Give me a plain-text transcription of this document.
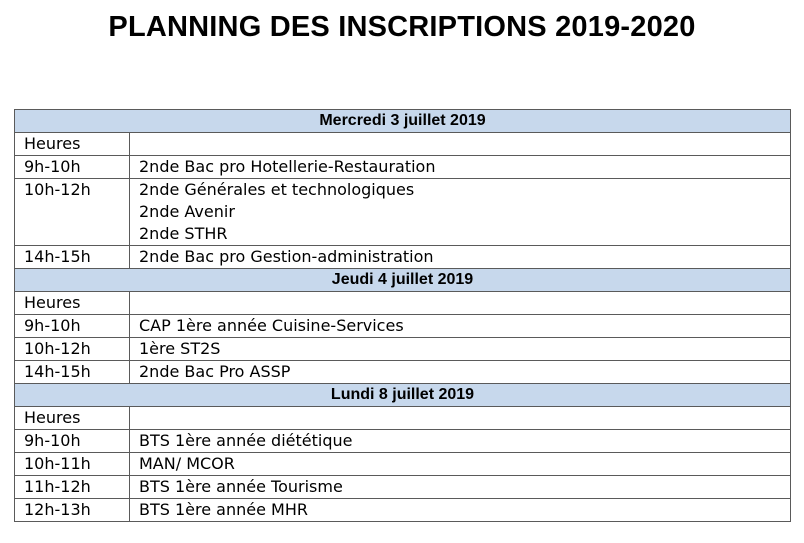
PLANNING DES INSCRIPTIONS 2019-2020
Mercredi 3 juillet 2019	
Heures	
9h-10h	2nde Bac pro Hotellerie-Restauration

10h-12h	2nde Générales et technologiques
2nde Avenir
2nde STHR

14h-15h	2nde Bac pro Gestion-administration

Jeudi 4 juillet 2019	
Heures	
9h-10h	CAP 1ère année Cuisine-Services

10h-12h	1ère ST2S

14h-15h	2nde Bac Pro ASSP

Lundi 8 juillet 2019	
Heures	
9h-10h	BTS 1ère année diététique

10h-11h	MAN/ MCOR

11h-12h	BTS 1ère année Tourisme

12h-13h	BTS 1ère année MHR
